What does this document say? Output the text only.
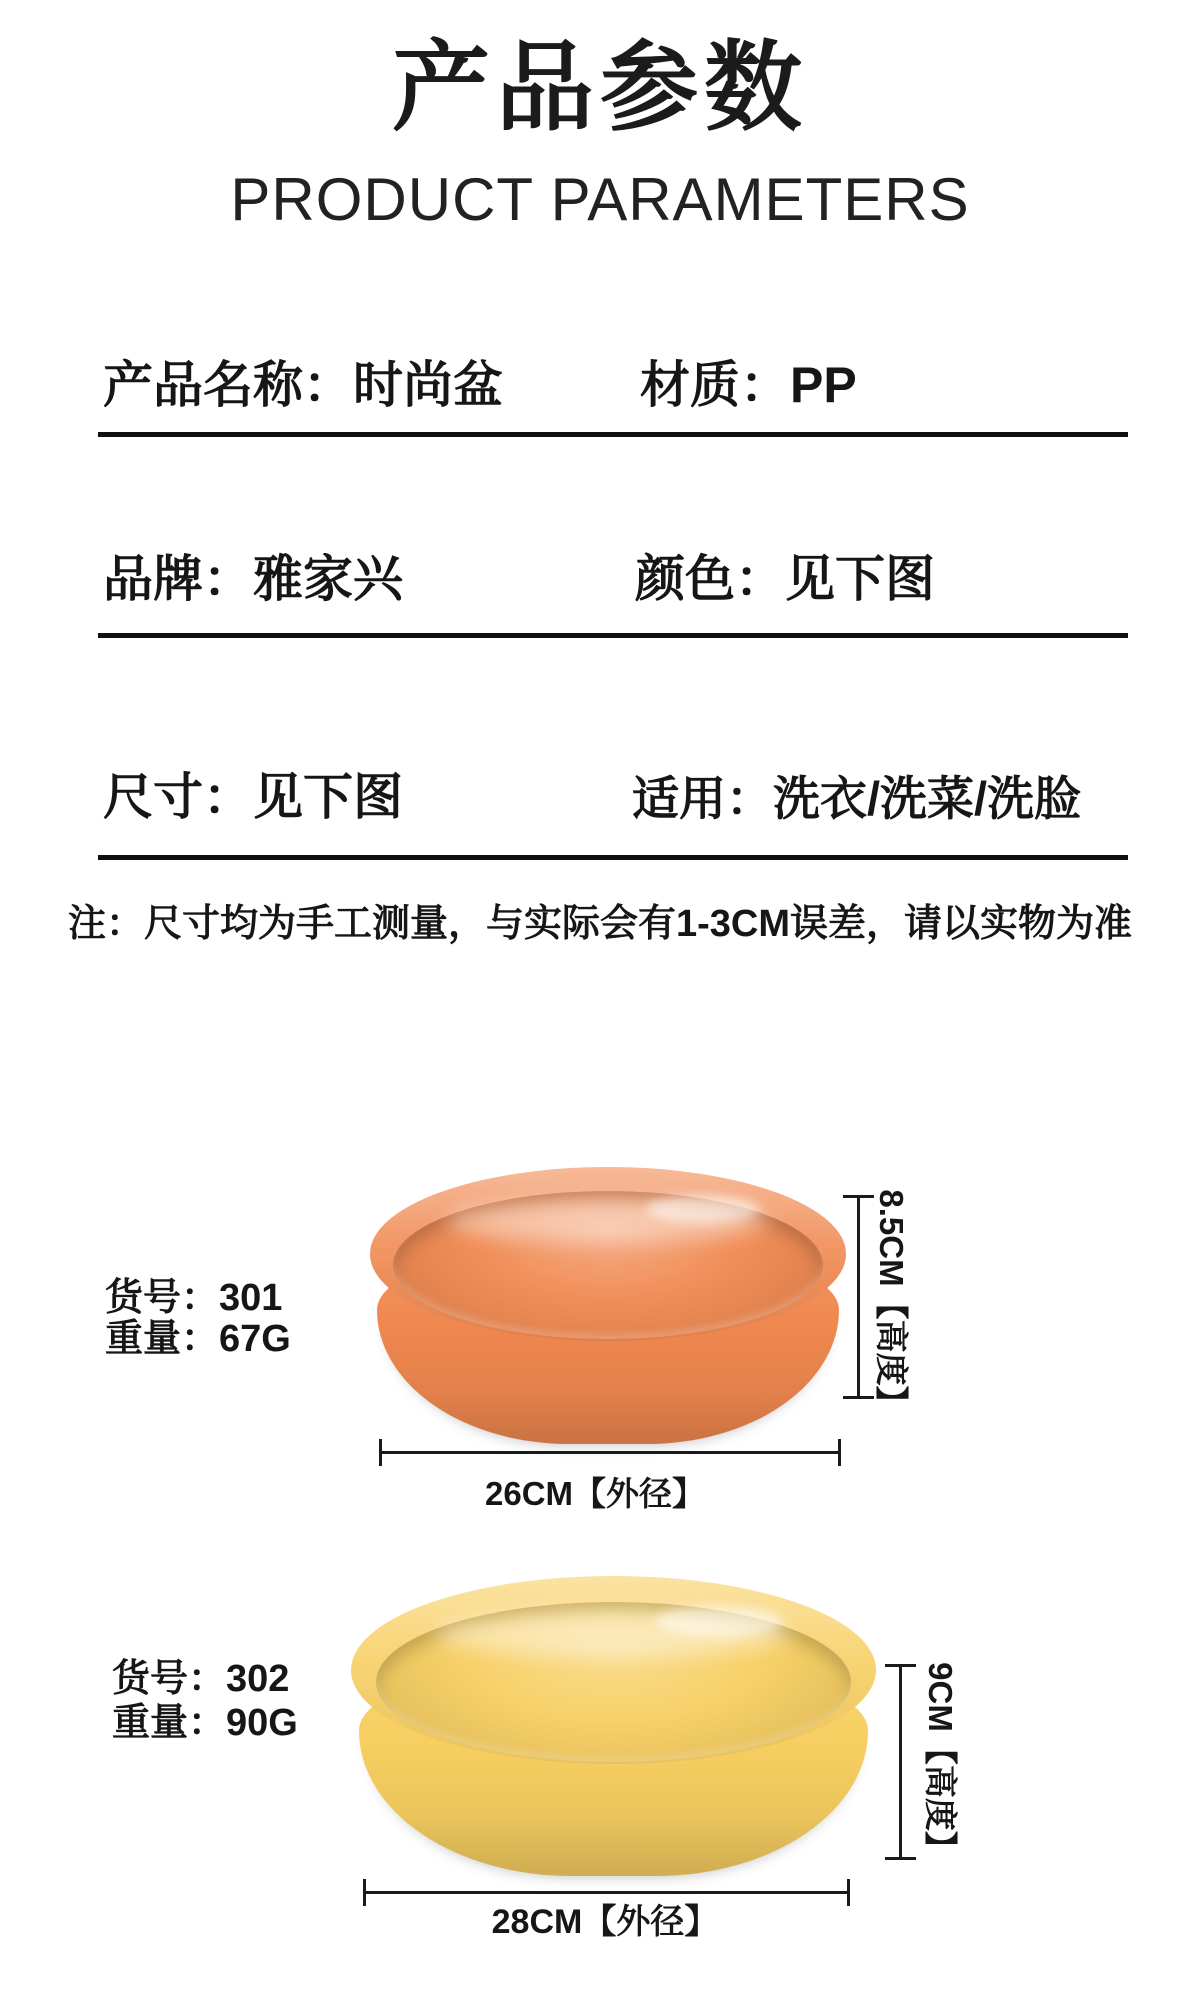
产品参数
PRODUCT PARAMETERS
产品名称：时尚盆	材质：PP
品牌：雅家兴	颜色：见下图
尺寸：见下图	适用：洗衣/洗菜/洗脸
注：尺寸均为手工测量，与实际会有1-3CM误差，请以实物为准
货号：301
重量：67G	8.5CM【高度】
26CM【外径】
货号：302
重量：90G	9CM【高度】
28CM【外径】
